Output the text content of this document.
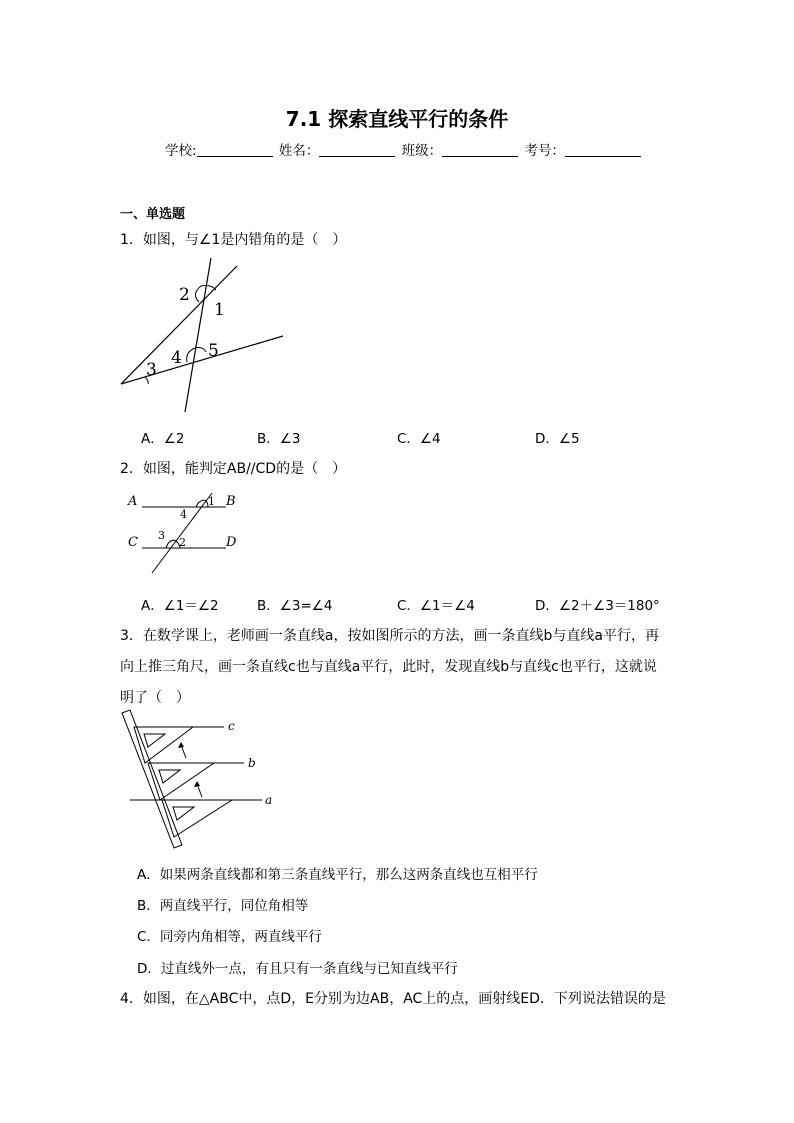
7.1 探索直线平行的条件
学校:	姓名：	班级：	考号：
一、单选题
1．如图，与∠1是内错角的是（　）
2
1
4 5
3
A．∠2	B．∠3	C．∠4	D．∠5
2．如图，能判定AB//CD的是（　）
A	B
C	D
1
4
3
2
A．∠1＝∠2	B．∠3=∠4	C．∠1＝∠4	D．∠2＋∠3＝180°
3．在数学课上，老师画一条直线a，按如图所示的方法，画一条直线b与直线a平行，再
向上推三角尺，画一条直线c也与直线a平行，此时，发现直线b与直线c也平行，这就说
明了（　）
c
b
a
A．如果两条直线都和第三条直线平行，那么这两条直线也互相平行
B．两直线平行，同位角相等
C．同旁内角相等，两直线平行
D．过直线外一点，有且只有一条直线与已知直线平行
4．如图，在△ABC中，点D，E分别为边AB，AC上的点，画射线ED．下列说法错误的是
